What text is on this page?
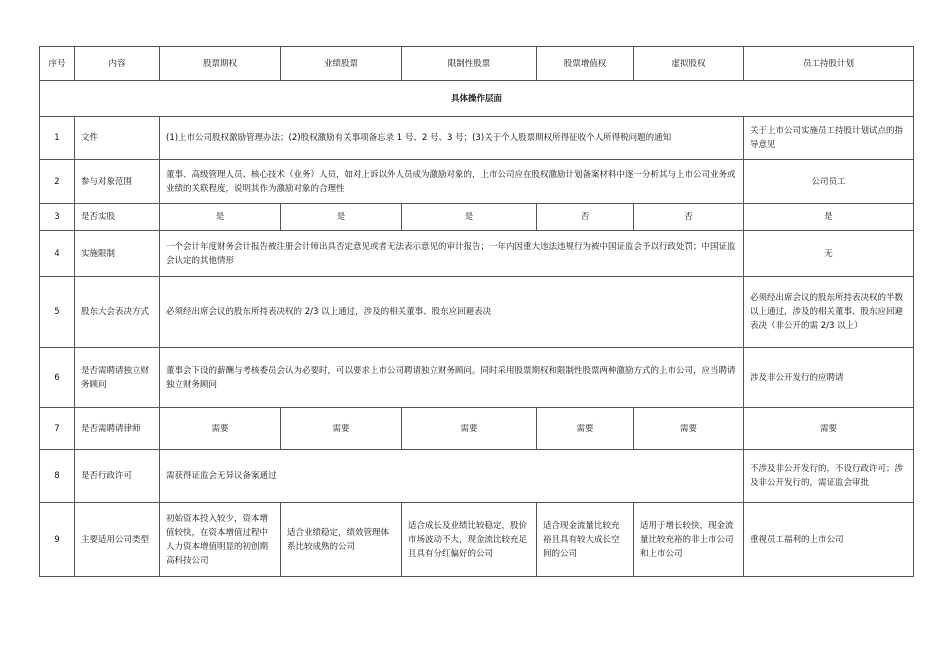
序号	内容	股票期权	业绩股票	限制性股票	股票增值权	虚拟股权	员工持股计划
具体操作层面							
1	文件	(1)上市公司股权激励管理办法；(2)股权激励有关事项备忘录 1 号、2 号、3 号；(3)关于个人股票期权所得征收个人所得税问题的通知					关于上市公司实施员工持股计划试点的指导意见
2	参与对象范围	董事、高级管理人员、核心技术（业务）人员，如对上诉以外人员成为激励对象的，上市公司应在股权激励计划备案材料中逐一分析其与上市公司业务或业绩的关联程度，说明其作为激励对象的合理性					公司员工
3	是否实股	是	是	是	否	否	是
4	实施限制	一个会计年度财务会计报告被注册会计师出具否定意见或者无法表示意见的审计报告；一年内因重大违法违规行为被中国证监会予以行政处罚；中国证监会认定的其他情形					无
5	股东大会表决方式	必须经出席会议的股东所持表决权的 2/3 以上通过，涉及的相关董事、股东应回避表决					必须经出席会议的股东所持表决权的半数以上通过，涉及的相关董事、股东应回避表决（非公开的需 2/3 以上）
6	是否需聘请独立财务顾问	董事会下设的薪酬与考核委员会认为必要时，可以要求上市公司聘请独立财务顾问。同时采用股票期权和限制性股票两种激励方式的上市公司，应当聘请独立财务顾问					涉及非公开发行的应聘请
7	是否需聘请律师	需要	需要	需要	需要	需要	需要
8	是否行政许可	需获得证监会无异议备案通过					不涉及非公开发行的，不设行政许可；涉及非公开发行的，需证监会审批
9	主要适用公司类型	初始资本投入较少，资本增值较快，在资本增值过程中人力资本增值明显的初创期高科技公司	适合业绩稳定，绩效管理体系比较成熟的公司	适合成长及业绩比较稳定，股价市场波动不大，现金流比较充足且具有分红偏好的公司	适合现金流量比较充裕且具有较大成长空间的公司	适用于增长较快，现金流量比较充裕的非上市公司和上市公司	重视员工福利的上市公司
